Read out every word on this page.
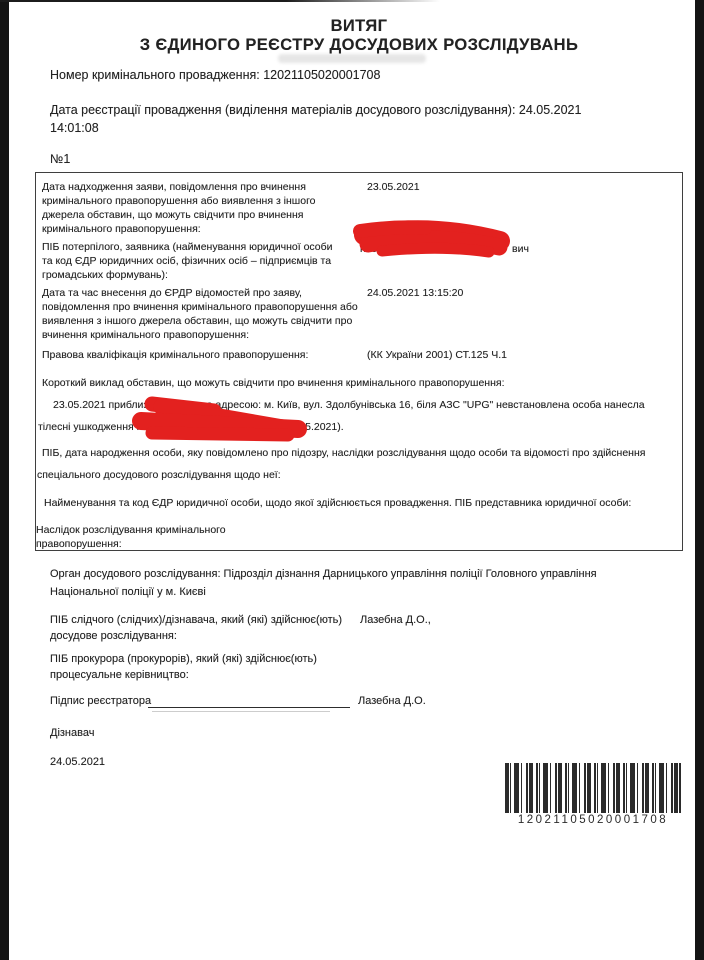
ВИТЯГ
З ЄДИНОГО РЕЄСТРУ ДОСУДОВИХ РОЗСЛІДУВАНЬ
Номер кримінального провадження: 12021105020001708
Дата реєстрації провадження (виділення матеріалів досудового розслідування): 24.05.2021
14:01:08
№1
Дата надходження заяви, повідомлення про вчинення
кримінального правопорушення або виявлення з іншого
джерела обставин, що можуть свідчити про вчинення
кримінального правопорушення:
23.05.2021
ПІБ потерпілого, заявника (найменування юридичної особи
та код ЄДР юридичних осіб, фізичних осіб – підприємців та
громадських формувань):
нченко В	вич
Дата та час внесення до ЄРДР відомостей про заяву,
повідомлення про вчинення кримінального правопорушення або
виявлення з іншого джерела обставин, що можуть свідчити про
вчинення кримінального правопорушення:
24.05.2021 13:15:20
Правова кваліфікація кримінального правопорушення:	(КК України 2001) СТ.125 Ч.1
Короткий виклад обставин, що можуть свідчити про вчинення кримінального правопорушення:
23.05.2021 приблизно кв. за адресою: м. Київ, вул. Здолбунівська 16, біля АЗС "UPG" невстановлена особа нанесла
тілесні ушкодження п	863 від 23.05.2021).
ПІБ, дата народження особи, яку повідомлено про підозру, наслідки розслідування щодо особи та відомості про здійснення
спеціального досудового розслідування щодо неї:
Найменування та код ЄДР юридичної особи, щодо якої здійснюється провадження. ПІБ представника юридичної особи:
Наслідок розслідування кримінального
правопорушення:
Орган досудового розслідування: Підрозділ дізнання Дарницького управління поліції Головного управління
Національної поліції у м. Києві
ПІБ слідчого (слідчих)/дізнавача, який (які) здійснює(ють) Лазебна Д.О.,
досудове розслідування:
ПІБ прокурора (прокурорів), який (які) здійснює(ють)
процесуальне керівництво:
Підпис реєстратора	Лазебна Д.О.
Дізнавач
24.05.2021
12021105020001708
